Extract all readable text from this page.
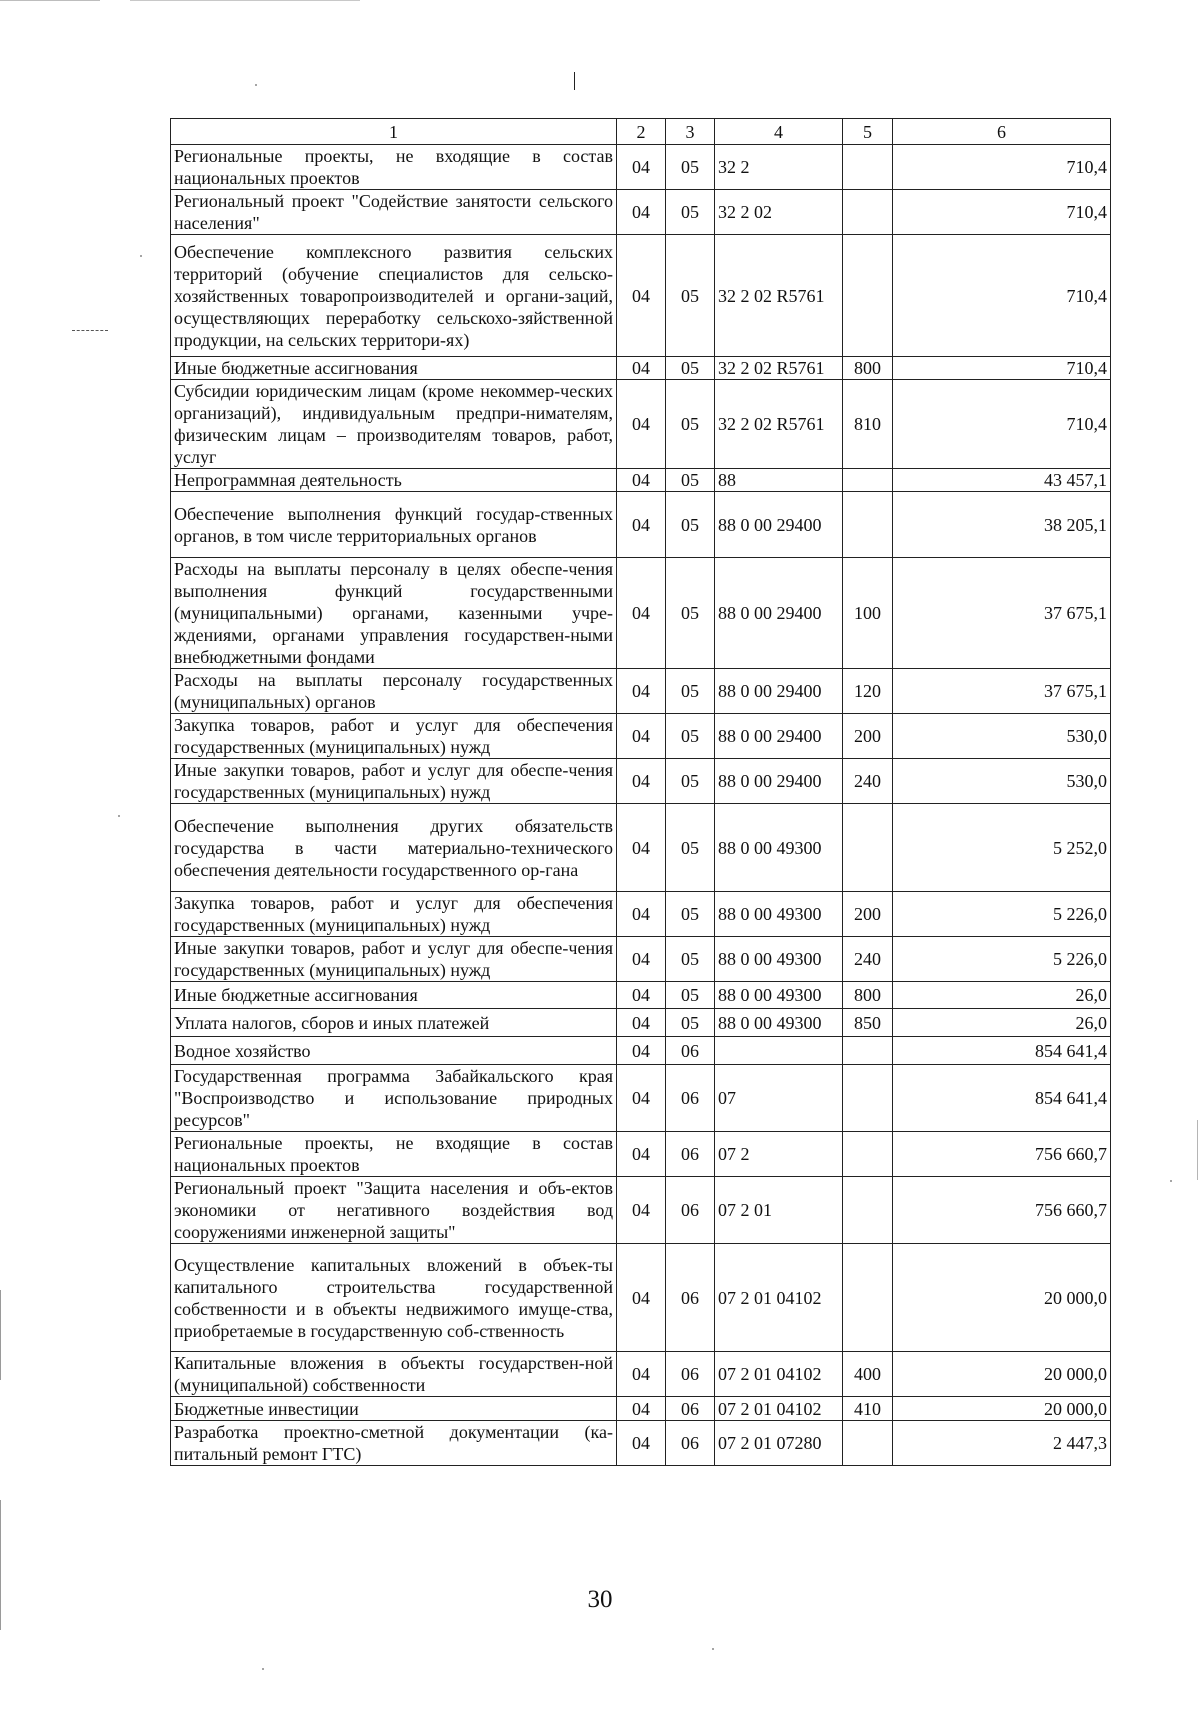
1	2	3	4	5	6
Региональные проекты, не входящие в состав национальных проектов	04	05	32 2		710,4
Региональный проект "Содействие занятости сельского населения"	04	05	32 2 02		710,4
Обеспечение комплексного развития сельских территорий (обучение специалистов для сельско-хозяйственных товаропроизводителей и органи-заций, осуществляющих переработку сельскохо-зяйственной продукции, на сельских территори-ях)	04	05	32 2 02 R5761		710,4
Иные бюджетные ассигнования	04	05	32 2 02 R5761	800	710,4
Субсидии юридическим лицам (кроме некоммер-ческих организаций), индивидуальным предпри-нимателям, физическим лицам – производителям товаров, работ, услуг	04	05	32 2 02 R5761	810	710,4
Непрограммная деятельность	04	05	88		43 457,1
Обеспечение выполнения функций государ-ственных органов, в том числе территориальных органов	04	05	88 0 00 29400		38 205,1
Расходы на выплаты персоналу в целях обеспе-чения выполнения функций государственными (муниципальными) органами, казенными учре-ждениями, органами управления государствен-ными внебюджетными фондами	04	05	88 0 00 29400	100	37 675,1
Расходы на выплаты персоналу государственных (муниципальных) органов	04	05	88 0 00 29400	120	37 675,1
Закупка товаров, работ и услуг для обеспечения государственных (муниципальных) нужд	04	05	88 0 00 29400	200	530,0
Иные закупки товаров, работ и услуг для обеспе-чения государственных (муниципальных) нужд	04	05	88 0 00 29400	240	530,0
Обеспечение выполнения других обязательств государства в части материально-технического обеспечения деятельности государственного ор-гана	04	05	88 0 00 49300		5 252,0
Закупка товаров, работ и услуг для обеспечения государственных (муниципальных) нужд	04	05	88 0 00 49300	200	5 226,0
Иные закупки товаров, работ и услуг для обеспе-чения государственных (муниципальных) нужд	04	05	88 0 00 49300	240	5 226,0
Иные бюджетные ассигнования	04	05	88 0 00 49300	800	26,0
Уплата налогов, сборов и иных платежей	04	05	88 0 00 49300	850	26,0
Водное хозяйство	04	06			854 641,4
Государственная программа Забайкальского края "Воспроизводство и использование природных ресурсов"	04	06	07		854 641,4
Региональные проекты, не входящие в состав национальных проектов	04	06	07 2		756 660,7
Региональный проект "Защита населения и объ-ектов экономики от негативного воздействия вод сооружениями инженерной защиты"	04	06	07 2 01		756 660,7
Осуществление капитальных вложений в объек-ты капитального строительства государственной собственности и в объекты недвижимого имуще-ства, приобретаемые в государственную соб-ственность	04	06	07 2 01 04102		20 000,0
Капитальные вложения в объекты государствен-ной (муниципальной) собственности	04	06	07 2 01 04102	400	20 000,0
Бюджетные инвестиции	04	06	07 2 01 04102	410	20 000,0
Разработка проектно-сметной документации (ка-питальный ремонт ГТС)	04	06	07 2 01 07280		2 447,3
30
